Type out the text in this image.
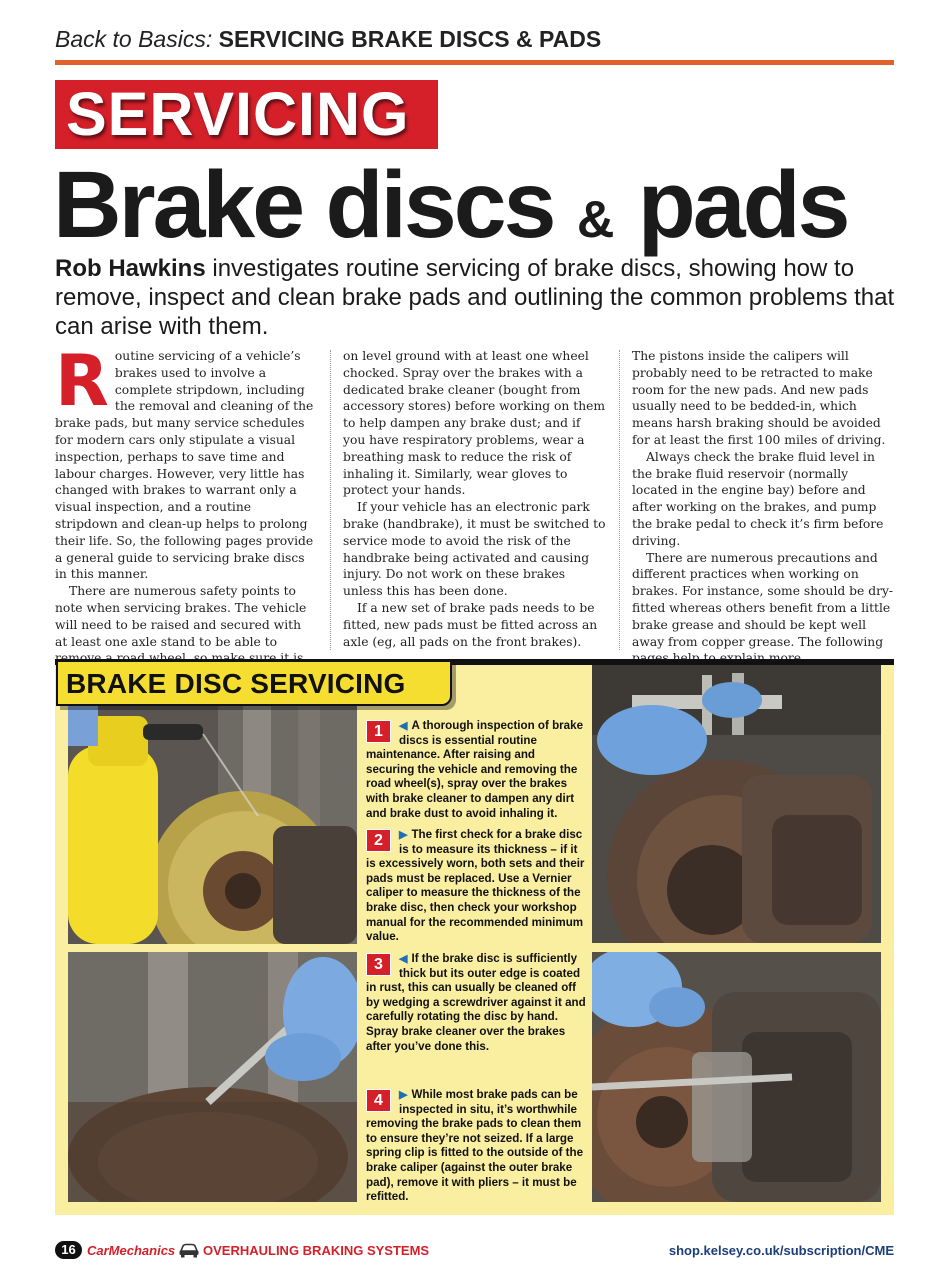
Back to Basics: SERVICING BRAKE DISCS & PADS
SERVICING
Brake discs & pads
Rob Hawkins investigates routine servicing of brake discs, showing how to remove, inspect and clean brake pads and outlining the common problems that can arise with them.
R outine servicing of a vehicle’s brakes used to involve a complete stripdown, including the removal and cleaning of the brake pads, but many service schedules for modern cars only stipulate a visual inspection, perhaps to save time and labour charges. However, very little has changed with brakes to warrant only a visual inspection, and a routine stripdown and clean-up helps to prolong their life. So, the following pages provide a general guide to servicing brake discs in this manner.

There are numerous safety points to note when servicing brakes. The vehicle will need to be raised and secured with at least one axle stand to be able to

on level ground with at least one wheel chocked. Spray over the brakes with a dedicated brake cleaner (bought from accessory stores) before working on them to help dampen any brake dust; and if you have respiratory problems, wear a breathing mask to reduce the risk of inhaling it. Similarly, wear gloves to protect your hands.

If your vehicle has an electronic park brake (handbrake), it must be switched to service mode to avoid the risk of the handbrake being activated and causing injury. Do not work on these brakes unless this has been done.

If a new set of brake pads needs to be fitted, new pads must be fitted across an axle (eg, all pads on the front brakes).

The pistons inside the calipers will probably need to be retracted to make room for the new pads. And new pads usually need to be bedded-in, which means harsh braking should be avoided for at least the first 100 miles of driving.

Always check the brake fluid level in the brake fluid reservoir (normally located in the engine bay) before and after working on the brakes, and pump the brake pedal to check it’s firm before driving.

There are numerous precautions and different practices when working on brakes. For instance, some should be dry-fitted whereas others benefit from a little brake grease and should be kept well away from copper grease. The following

BRAKE DISC SERVICING
1	◀ A thorough inspection of brake discs is essential routine maintenance. After raising and securing the vehicle and removing the road wheel(s), spray over the brakes with brake cleaner to dampen any dirt and brake dust to avoid inhaling it.
2	▶ The first check for a brake disc is to measure its thickness – if it is excessively worn, both sets and their pads must be replaced. Use a Vernier caliper to measure the thickness of the brake disc, then check your workshop manual for the recommended minimum value.
3	◀ If the brake disc is sufficiently thick but its outer edge is coated in rust, this can usually be cleaned off by wedging a screwdriver against it and carefully rotating the disc by hand. Spray brake cleaner over the brakes after you’ve done this.
4	▶ While most brake pads can be inspected in situ, it’s worthwhile removing the brake pads to clean them to ensure they’re not seized. If a large spring clip is fitted to the outside of the brake caliper (against the outer brake pad), remove it with pliers – it must be refitted.
16 CarMechanics OVERHAULING BRAKING SYSTEMS	shop.kelsey.co.uk/subscription/CME
